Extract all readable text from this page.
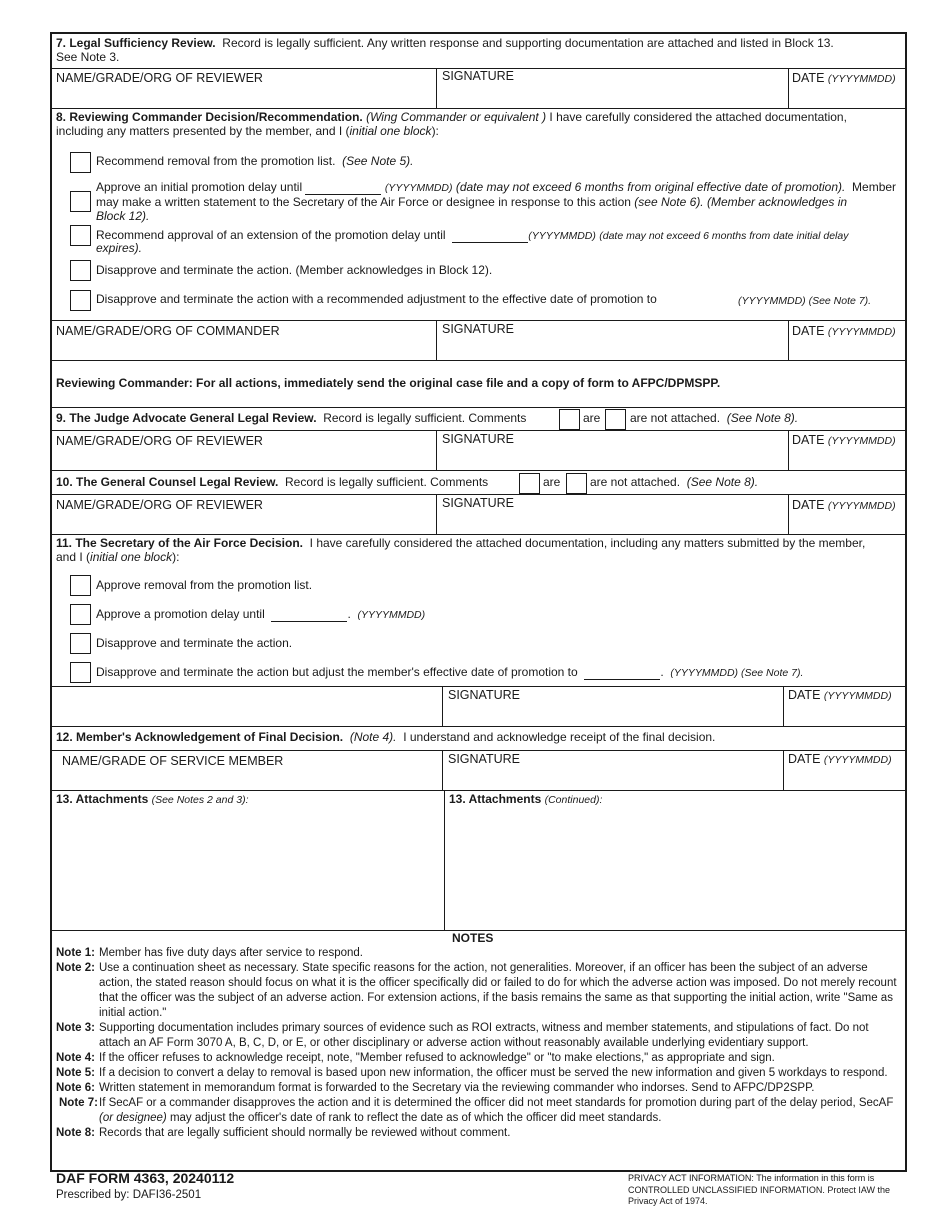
7. Legal Sufficiency Review. Record is legally sufficient. Any written response and supporting documentation are attached and listed in Block 13.
See Note 3.
NAME/GRADE/ORG OF REVIEWER	SIGNATURE	DATE (YYYYMMDD)
8. Reviewing Commander Decision/Recommendation. (Wing Commander or equivalent ) I have carefully considered the attached documentation,
including any matters presented by the member, and I (initial one block):
Recommend removal from the promotion list. (See Note 5).
Approve an initial promotion delay until	(YYYYMMDD) (date may not exceed 6 months from original effective date of promotion). Member
may make a written statement to the Secretary of the Air Force or designee in response to this action (see Note 6). (Member acknowledges in
Block 12).
Recommend approval of an extension of the promotion delay until	(YYYYMMDD) (date may not exceed 6 months from date initial delay
expires).
Disapprove and terminate the action. (Member acknowledges in Block 12).
Disapprove and terminate the action with a recommended adjustment to the effective date of promotion to	(YYYYMMDD) (See Note 7).
NAME/GRADE/ORG OF COMMANDER	SIGNATURE	DATE (YYYYMMDD)
Reviewing Commander: For all actions, immediately send the original case file and a copy of form to AFPC/DPMSPP.
9. The Judge Advocate General Legal Review. Record is legally sufficient. Comments	are are not attached. (See Note 8).
NAME/GRADE/ORG OF REVIEWER	SIGNATURE	DATE (YYYYMMDD)
10. The General Counsel Legal Review. Record is legally sufficient. Comments	are are not attached. (See Note 8).
NAME/GRADE/ORG OF REVIEWER	SIGNATURE	DATE (YYYYMMDD)
11. The Secretary of the Air Force Decision. I have carefully considered the attached documentation, including any matters submitted by the member,
and I (initial one block):
Approve removal from the promotion list.
Approve a promotion delay until	.  (YYYYMMDD)
Disapprove and terminate the action.
Disapprove and terminate the action but adjust the member's effective date of promotion to	.  (YYYYMMDD) (See Note 7).
SIGNATURE	DATE (YYYYMMDD)
12. Member's Acknowledgement of Final Decision. (Note 4). I understand and acknowledge receipt of the final decision.
NAME/GRADE OF SERVICE MEMBER	SIGNATURE	DATE (YYYYMMDD)
13. Attachments (See Notes 2 and 3):	13. Attachments (Continued):
NOTES
Note 1: Member has five duty days after service to respond.
Note 2: Use a continuation sheet as necessary. State specific reasons for the action, not generalities. Moreover, if an officer has been the subject of an adverse action, the stated reason should focus on what it is the officer specifically did or failed to do for which the adverse action was imposed. Do not merely recount that the officer was the subject of an adverse action. For extension actions, if the basis remains the same as that supporting the initial action, write "Same as initial action."
Note 3: Supporting documentation includes primary sources of evidence such as ROI extracts, witness and member statements, and stipulations of fact. Do not attach an AF Form 3070 A, B, C, D, or E, or other disciplinary or adverse action without reasonably available underlying evidentiary support.
Note 4: If the officer refuses to acknowledge receipt, note, "Member refused to acknowledge" or "to make elections," as appropriate and sign.
Note 5: If a decision to convert a delay to removal is based upon new information, the officer must be served the new information and given 5 workdays to respond.
Note 6: Written statement in memorandum format is forwarded to the Secretary via the reviewing commander who indorses. Send to AFPC/DP2SPP.
Note 7: If SecAF or a commander disapproves the action and it is determined the officer did not meet standards for promotion during part of the delay period, SecAF (or designee) may adjust the officer's date of rank to reflect the date as of which the officer did meet standards.
Note 8: Records that are legally sufficient should normally be reviewed without comment.
DAF FORM 4363, 20240112
Prescribed by: DAFI36-2501
PRIVACY ACT INFORMATION: The information in this form is CONTROLLED UNCLASSIFIED INFORMATION. Protect IAW the Privacy Act of 1974.
